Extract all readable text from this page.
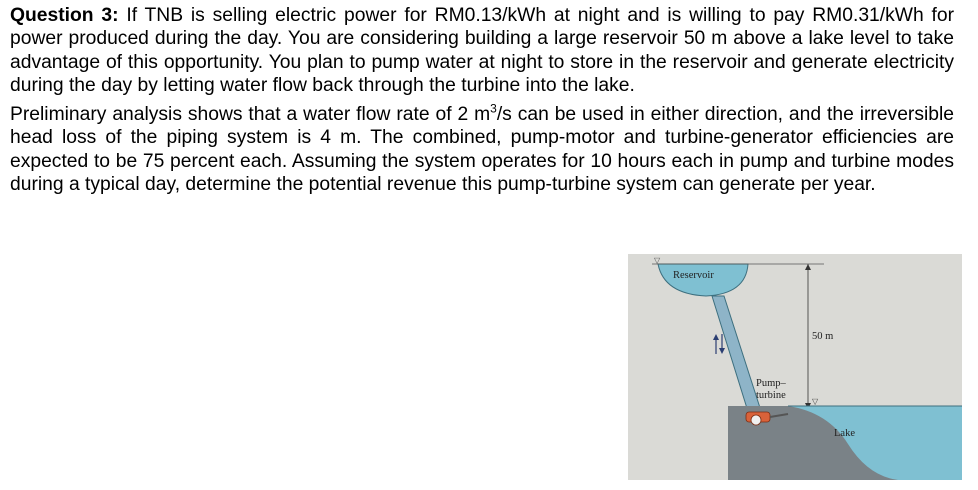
Question 3: If TNB is selling electric power for RM0.13/kWh at night and is willing to pay RM0.31/kWh for power produced during the day. You are considering building a large reservoir 50 m above a lake level to take advantage of this opportunity. You plan to pump water at night to store in the reservoir and generate electricity during the day by letting water flow back through the turbine into the lake.

Preliminary analysis shows that a water flow rate of 2 $m^3/s$ can be used in either direction, and the irreversible head loss of the piping system is 4 m. The combined, pump-motor and turbine-generator efficiencies are expected to be 75 percent each. Assuming the system operates for 10 hours each in pump and turbine modes during a typical day, determine the potential revenue this pump-turbine system can generate per year.

▽
Reservoir
50 m
▽
Lake
Pump–
turbine
